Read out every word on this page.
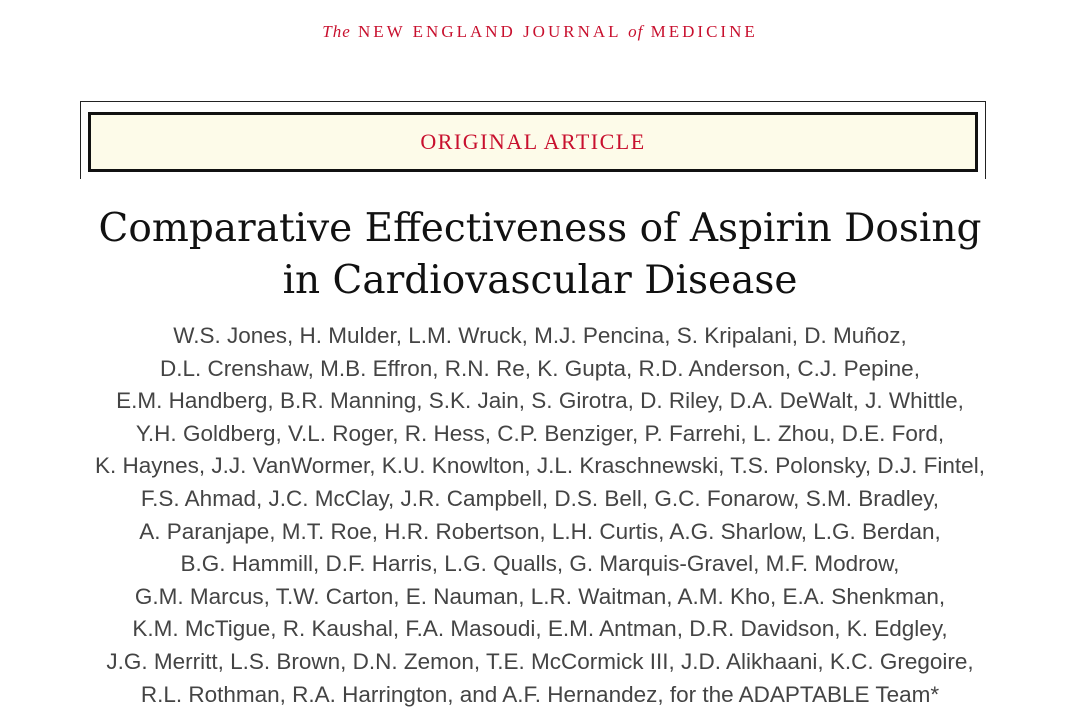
The NEW ENGLAND JOURNAL of MEDICINE
ORIGINAL ARTICLE
Comparative Effectiveness of Aspirin Dosing
in Cardiovascular Disease
W.S. Jones, H. Mulder, L.M. Wruck, M.J. Pencina, S. Kripalani, D. Muñoz,
D.L. Crenshaw, M.B. Effron, R.N. Re, K. Gupta, R.D. Anderson, C.J. Pepine,
E.M. Handberg, B.R. Manning, S.K. Jain, S. Girotra, D. Riley, D.A. DeWalt, J. Whittle,
Y.H. Goldberg, V.L. Roger, R. Hess, C.P. Benziger, P. Farrehi, L. Zhou, D.E. Ford,
K. Haynes, J.J. VanWormer, K.U. Knowlton, J.L. Kraschnewski, T.S. Polonsky, D.J. Fintel,
F.S. Ahmad, J.C. McClay, J.R. Campbell, D.S. Bell, G.C. Fonarow, S.M. Bradley,
A. Paranjape, M.T. Roe, H.R. Robertson, L.H. Curtis, A.G. Sharlow, L.G. Berdan,
B.G. Hammill, D.F. Harris, L.G. Qualls, G. Marquis-Gravel, M.F. Modrow,
G.M. Marcus, T.W. Carton, E. Nauman, L.R. Waitman, A.M. Kho, E.A. Shenkman,
K.M. McTigue, R. Kaushal, F.A. Masoudi, E.M. Antman, D.R. Davidson, K. Edgley,
J.G. Merritt, L.S. Brown, D.N. Zemon, T.E. McCormick III, J.D. Alikhaani, K.C. Gregoire,
R.L. Rothman, R.A. Harrington, and A.F. Hernandez, for the ADAPTABLE Team*
